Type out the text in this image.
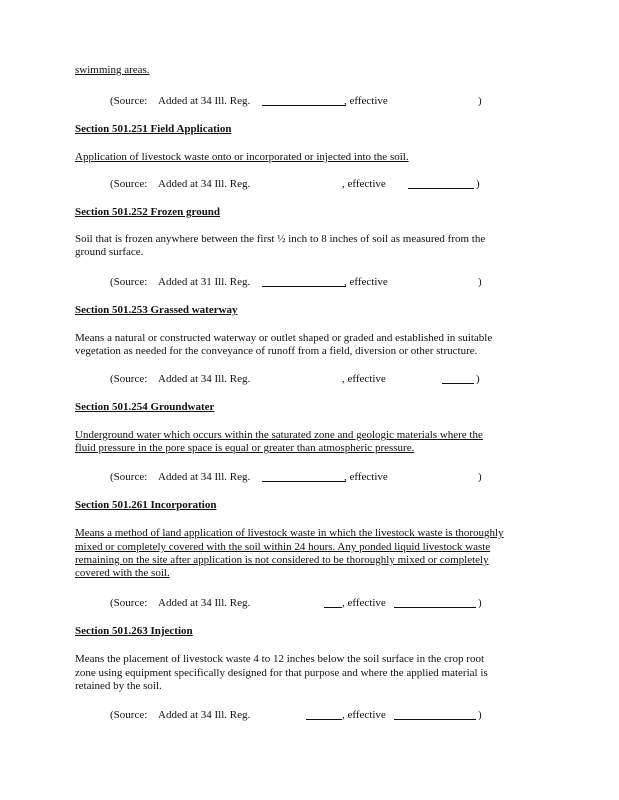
swimming areas.
(Source: Added at 34 Ill. Reg.	, effective	)
Section 501.251 Field Application
Application of livestock waste onto or incorporated or injected into the soil.
(Source: Added at 34 Ill. Reg.	, effective	)
Section 501.252 Frozen ground
Soil that is frozen anywhere between the first ½ inch to 8 inches of soil as measured from the
ground surface.
(Source: Added at 31 Ill. Reg.	, effective	)
Section 501.253 Grassed waterway
Means a natural or constructed waterway or outlet shaped or graded and established in suitable
vegetation as needed for the conveyance of runoff from a field, diversion or other structure.
(Source: Added at 34 Ill. Reg.	, effective	)
Section 501.254 Groundwater
Underground water which occurs within the saturated zone and geologic materials where the
fluid pressure in the pore space is equal or greater than atmospheric pressure.
(Source: Added at 34 Ill. Reg.	, effective	)
Section 501.261 Incorporation
Means a method of land application of livestock waste in which the livestock waste is thoroughly
mixed or completely covered with the soil within 24 hours. Any ponded liquid livestock waste
remaining on the site after application is not considered to be thoroughly mixed or completely
covered with the soil.
(Source: Added at 34 Ill. Reg.	, effective	)
Section 501.263 Injection
Means the placement of livestock waste 4 to 12 inches below the soil surface in the crop root
zone using equipment specifically designed for that purpose and where the applied material is
retained by the soil.
(Source: Added at 34 Ill. Reg.	, effective	)
